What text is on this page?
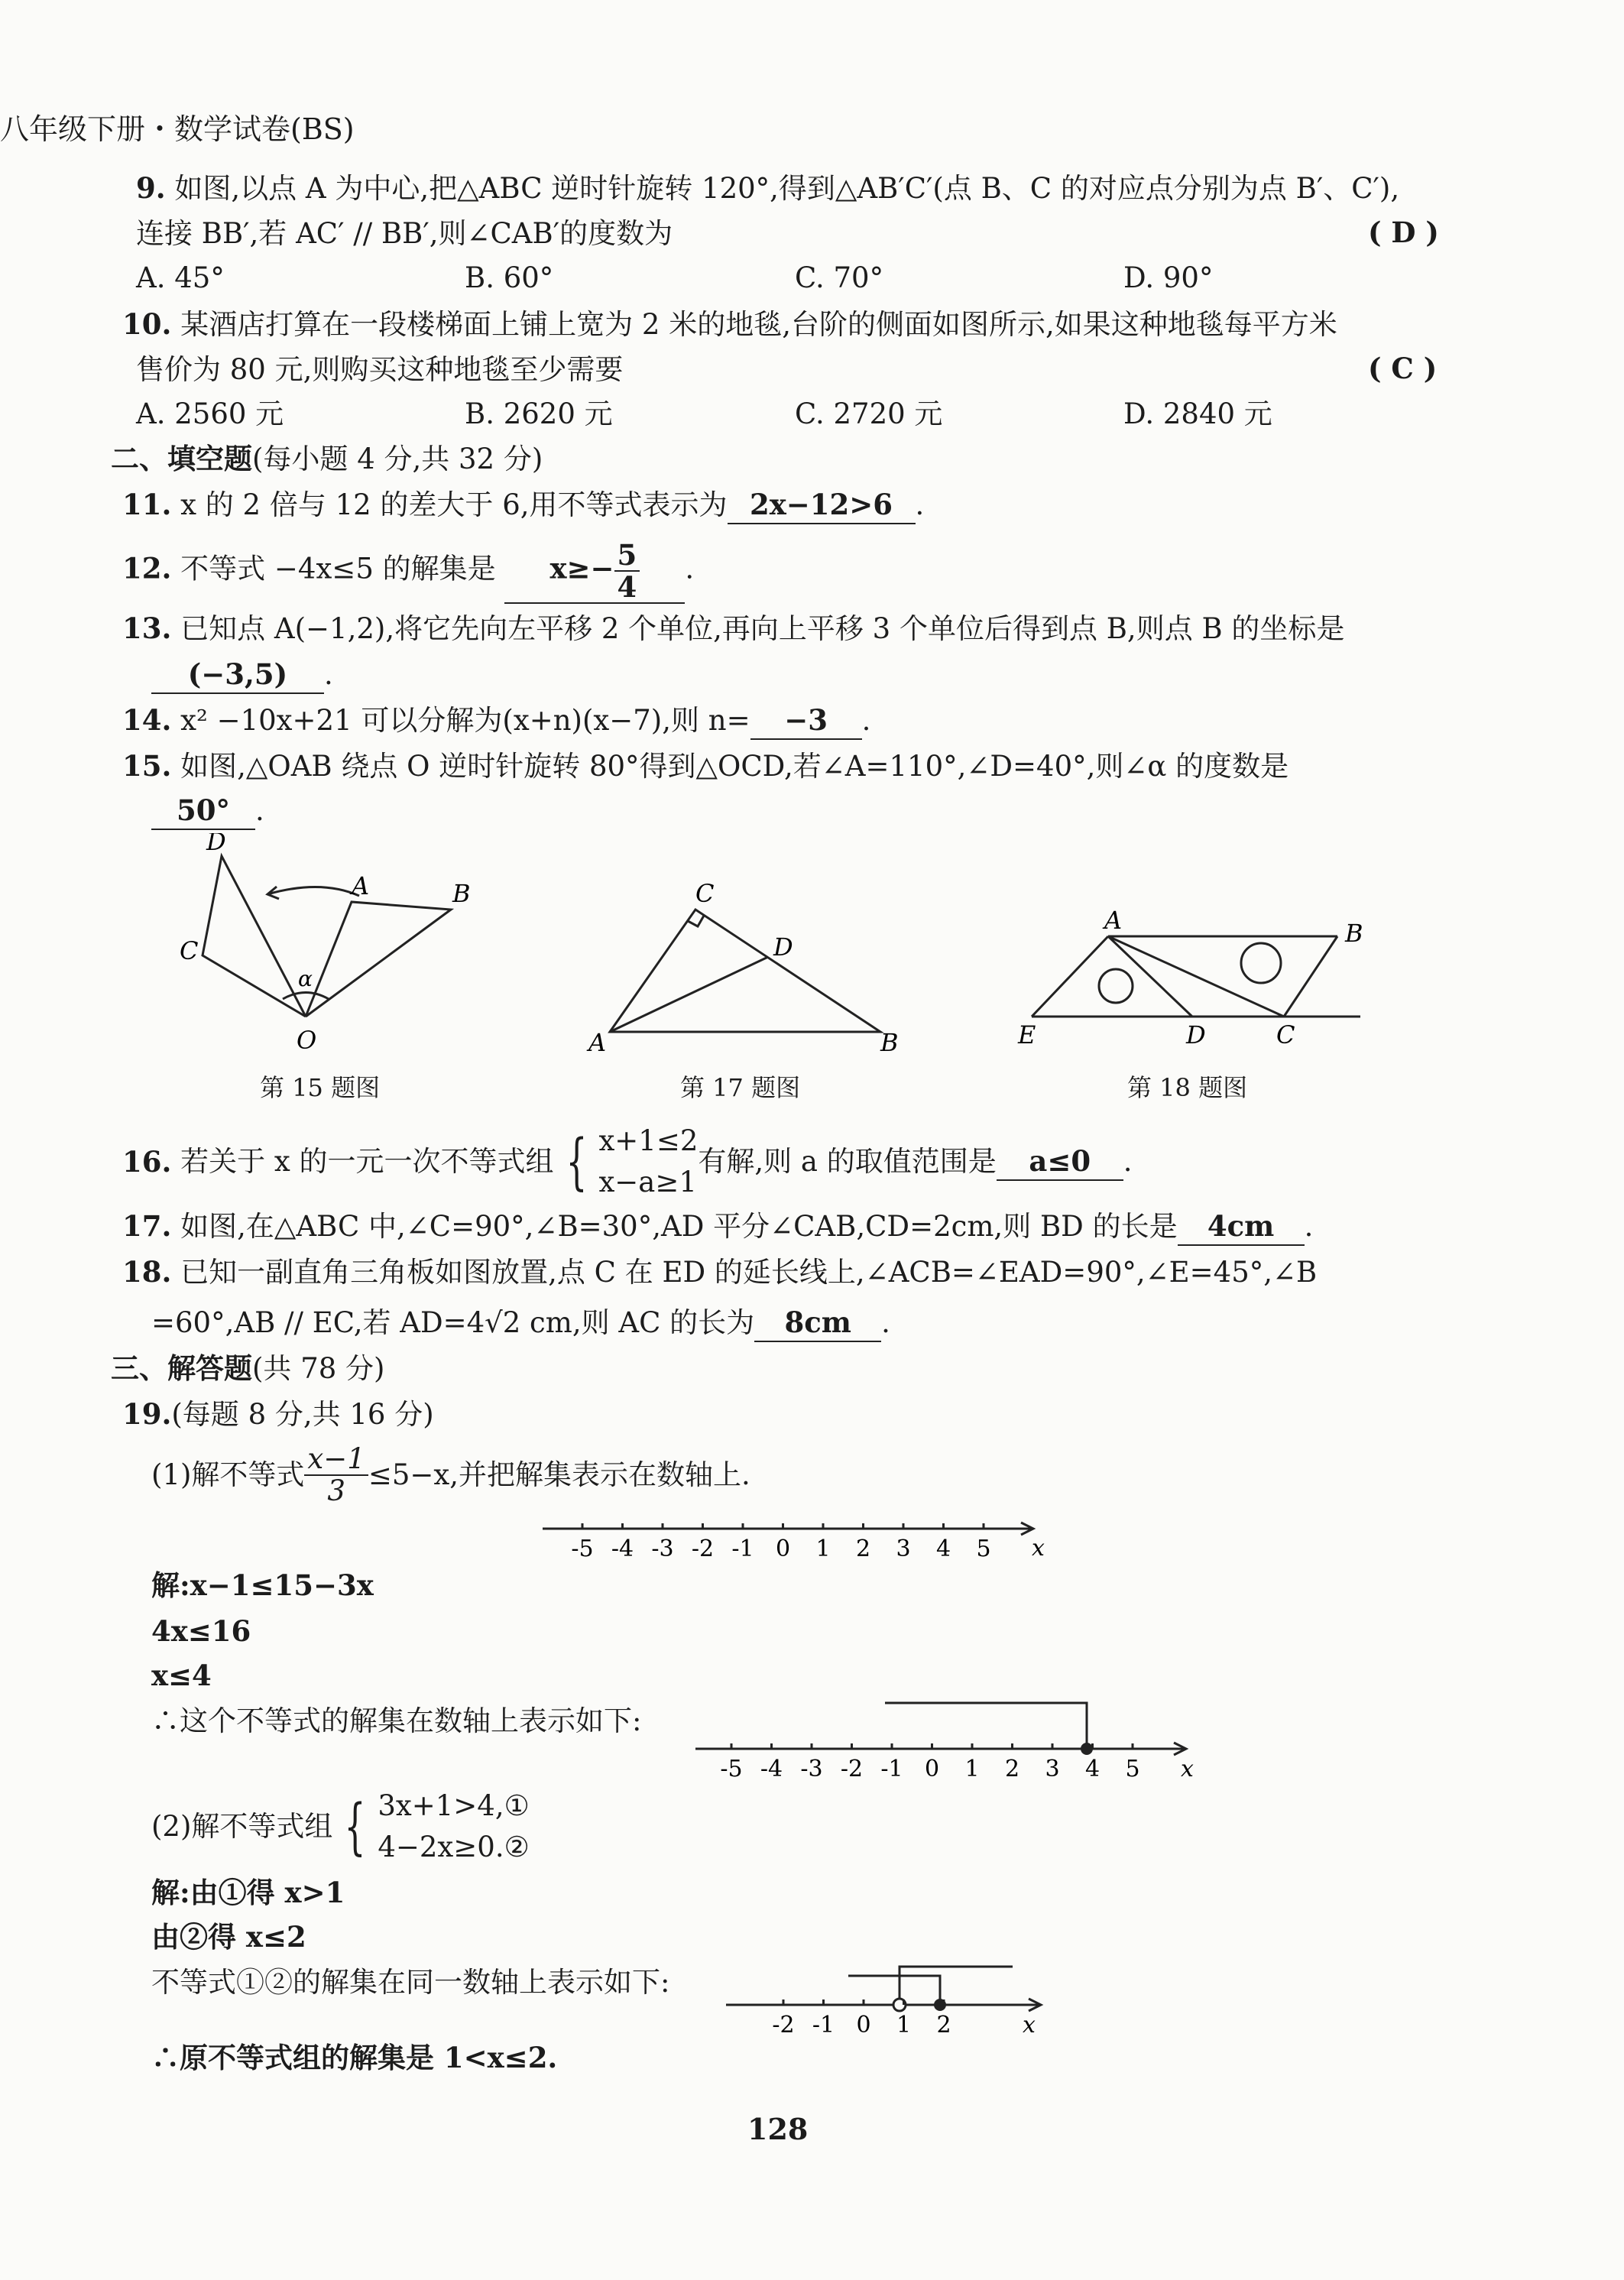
八年级下册・数学试卷(BS)
9. 如图,以点 A 为中心,把△ABC 逆时针旋转 120°,得到△AB′C′(点 B、C 的对应点分别为点 B′、C′),
连接 BB′,若 AC′ // BB′,则∠CAB′的度数为	( D )
A. 45°	B. 60°	C. 70°	D. 90°
10. 某酒店打算在一段楼梯面上铺上宽为 2 米的地毯,台阶的侧面如图所示,如果这种地毯每平方米
售价为 80 元,则购买这种地毯至少需要	( C )
A. 2560 元	B. 2620 元	C. 2720 元	D. 2840 元
二、填空题(每小题 4 分,共 32 分)
11. x 的 2 倍与 12 的差大于 6,用不等式表示为 2x−12>6 .
12. 不等式 −4x≤5 的解集是 $x\ge- \frac{5}{4}$ .
13. 已知点 A(−1,2),将它先向左平移 2 个单位,再向上平移 3 个单位后得到点 B,则点 B 的坐标是
(−3,5) .
14. x² −10x+21 可以分解为(x+n)(x−7),则 n= −3 .
15. 如图,△OAB 绕点 O 逆时针旋转 80°得到△OCD,若∠A=110°,∠D=40°,则∠α 的度数是
50° .
D
A	B
C
α
O
第 15 题图
C
D
A	B
第 17 题图
A	B
E	D	C
第 18 题图
16.
若关于 x 的一元一次不等式组 { x+1≤2
x−a≥1
有解,则 a 的取值范围是	a≤0	.
17. 如图,在△ABC 中,∠C=90°,∠B=30°,AD 平分∠CAB,CD=2cm,则 BD 的长是 4cm .
18. 已知一副直角三角板如图放置,点 C 在 ED 的延长线上,∠ACB=∠EAD=90°,∠E=45°,∠B
=60°,AB // EC,若 AD=4√2 cm,则 AC 的长为 8cm .
三、解答题(共 78 分)
19.(每题 8 分,共 16 分)
(1)解不等式 $\frac{x-1}{3} \le 5-x$,并把解集表示在数轴上.
-5 -4 -3 -2 -1 0 1 2 3 4 5 x
解:x−1≤15−3x
4x≤16
x≤4
∴这个不等式的解集在数轴上表示如下:
-5 -4 -3 -2 -1 0 1 2 3 4 5 x
(2)解不等式组 { 3x+1>4,①
4−2x≥0.②
解:由①得 x>1
由②得 x≤2
不等式①②的解集在同一数轴上表示如下:
-2 -1 0 1 2	x
∴原不等式组的解集是 1<x≤2.
128
